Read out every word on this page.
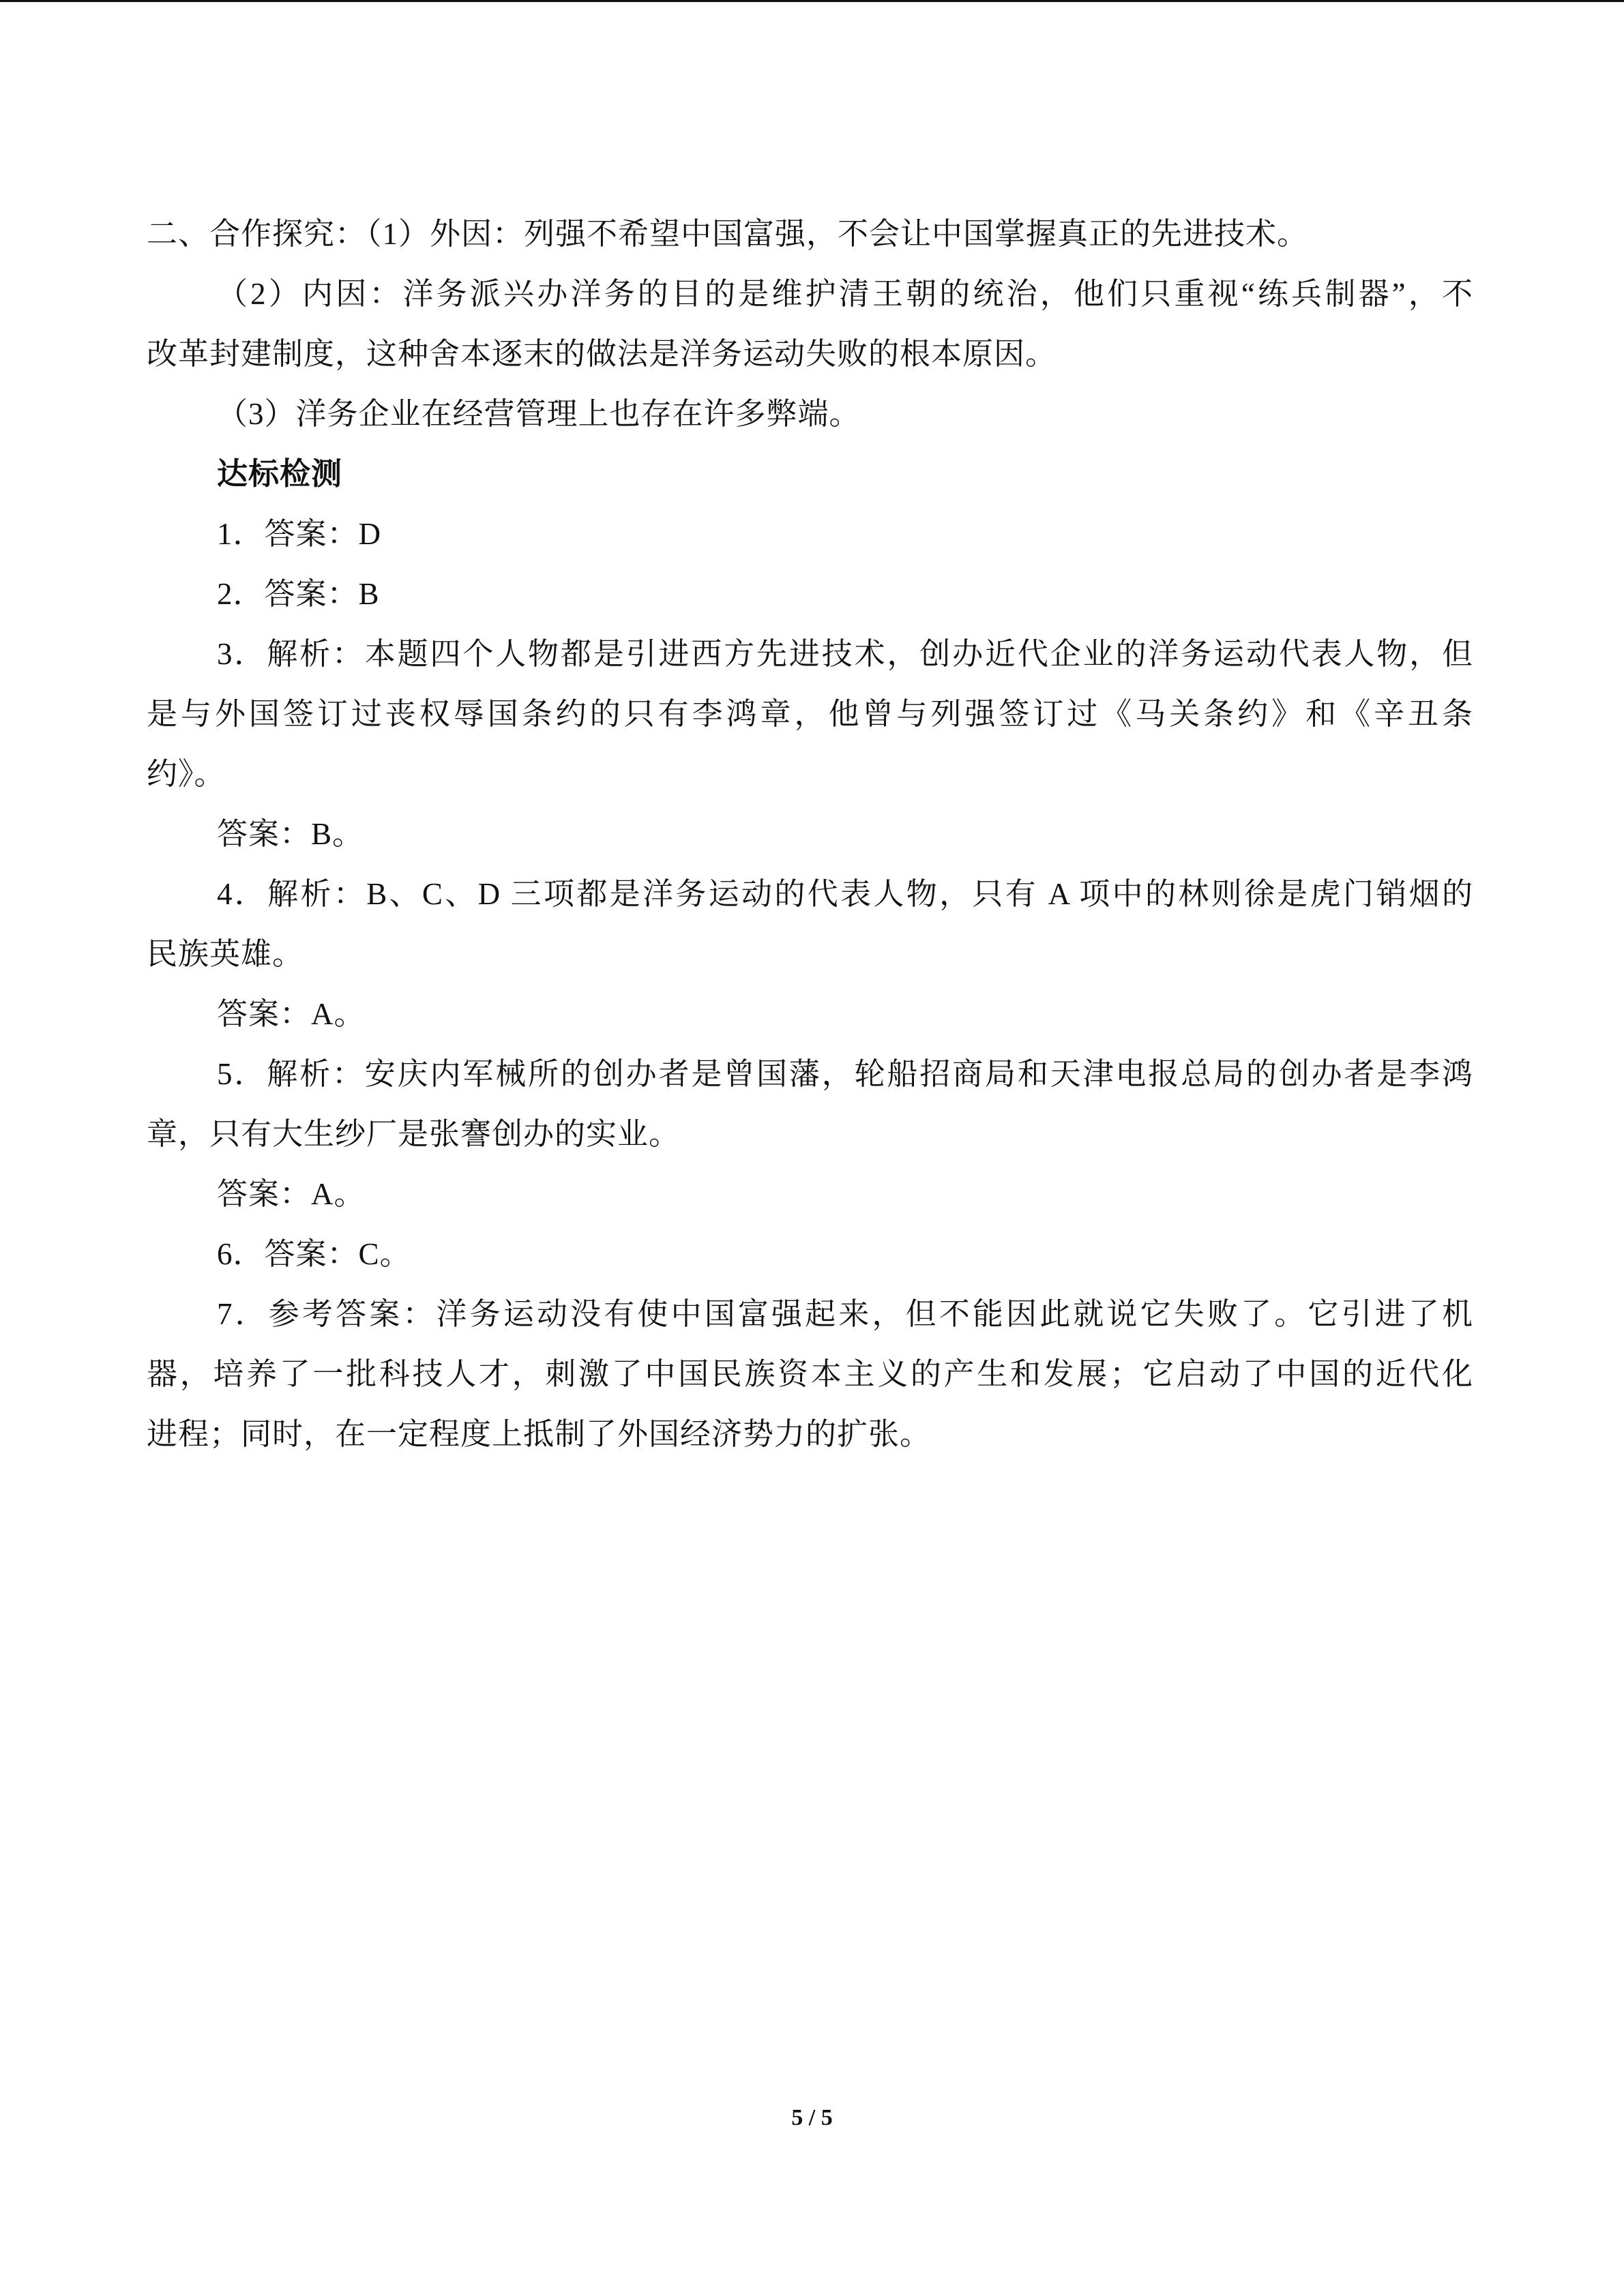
二、合作探究：（1）外因：列强不希望中国富强，不会让中国掌握真正的先进技术。
（2）内因：洋务派兴办洋务的目的是维护清王朝的统治，他们只重视“练兵制器”，不
改革封建制度，这种舍本逐末的做法是洋务运动失败的根本原因。
（3）洋务企业在经营管理上也存在许多弊端。
达标检测
1．答案：D
2．答案：B
3．解析：本题四个人物都是引进西方先进技术，创办近代企业的洋务运动代表人物，但
是与外国签订过丧权辱国条约的只有李鸿章，他曾与列强签订过《马关条约》和《辛丑条
约》。
答案：B。
4．解析：B、C、D 三项都是洋务运动的代表人物，只有 A 项中的林则徐是虎门销烟的
民族英雄。
答案：A。
5．解析：安庆内军械所的创办者是曾国藩，轮船招商局和天津电报总局的创办者是李鸿
章，只有大生纱厂是张謇创办的实业。
答案：A。
6．答案：C。
7．参考答案：洋务运动没有使中国富强起来，但不能因此就说它失败了。它引进了机
器，培养了一批科技人才，刺激了中国民族资本主义的产生和发展；它启动了中国的近代化
进程；同时，在一定程度上抵制了外国经济势力的扩张。
5 / 5
